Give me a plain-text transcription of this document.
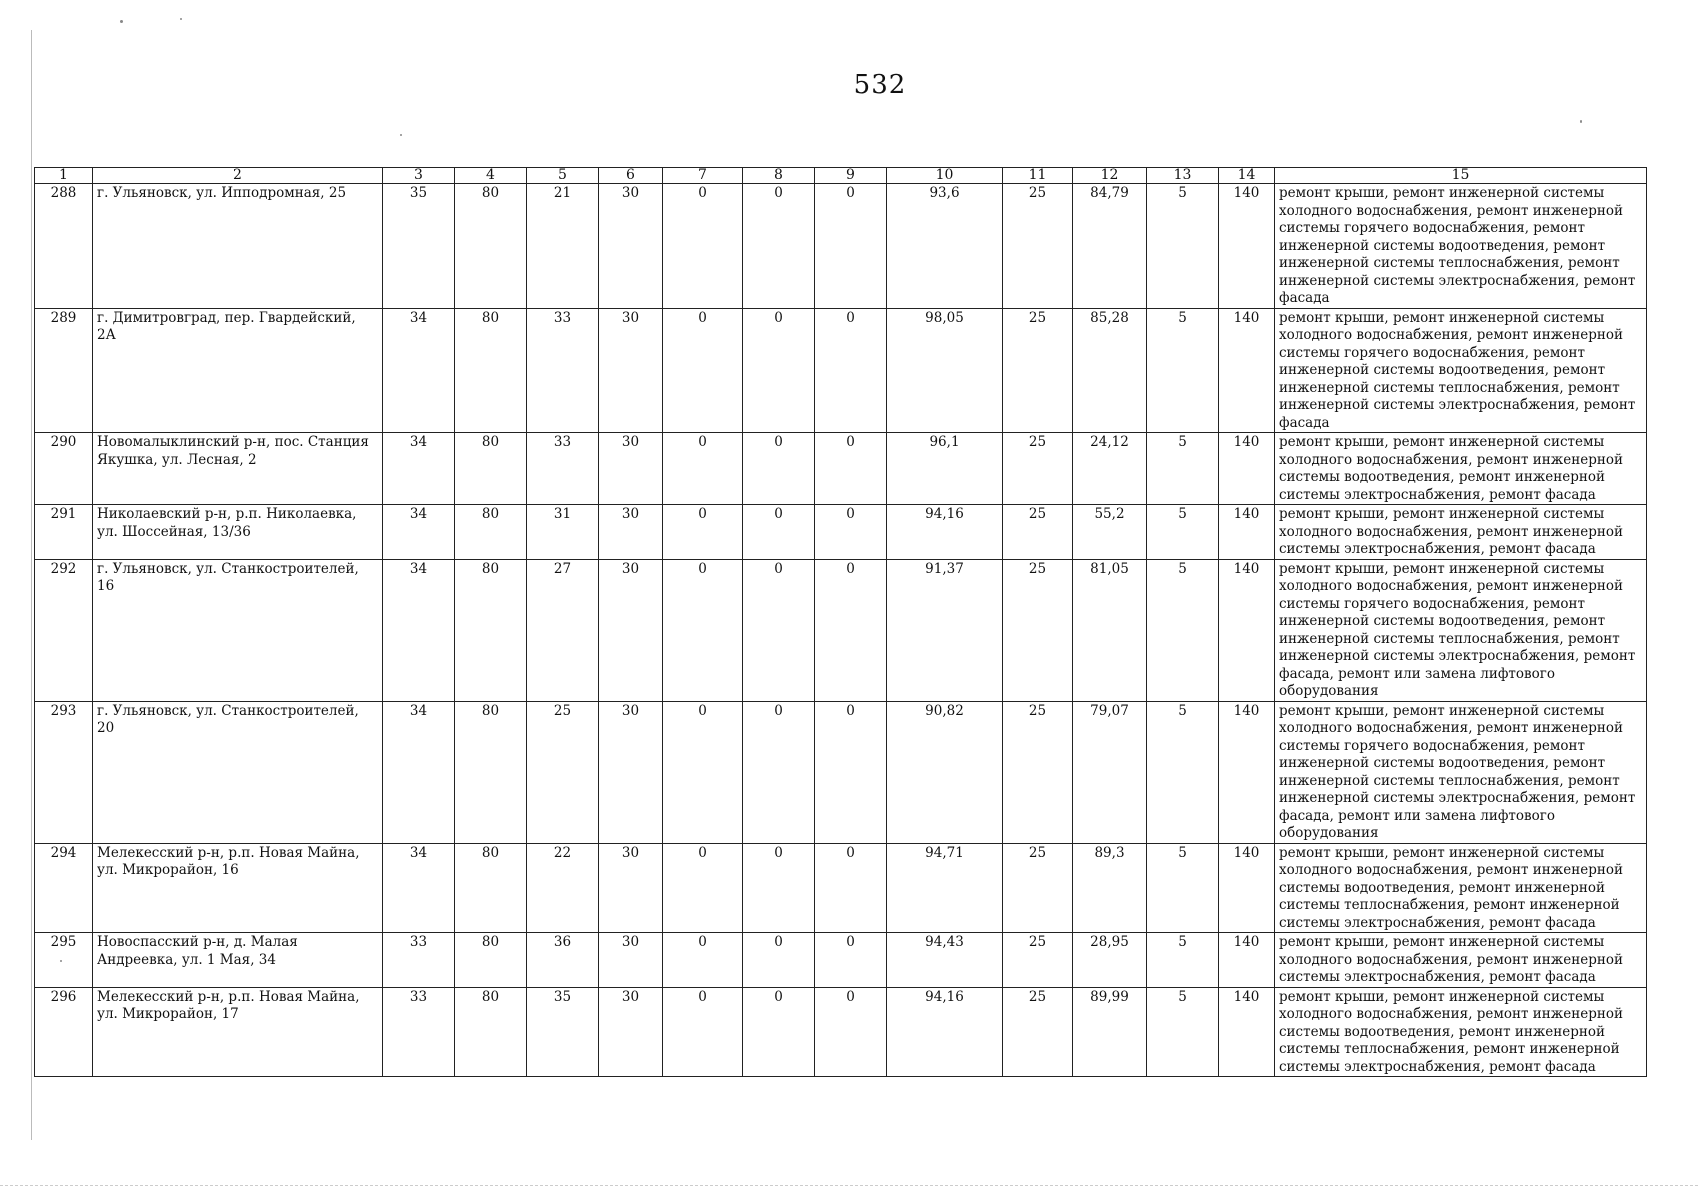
532
1	2	3	4	5	6	7	8	9	10	11	12	13	14	15
288	г. Ульяновск, ул. Ипподромная, 25	35	80	21	30	0	0	0	93,6	25	84,79	5	140	ремонт крыши, ремонт инженерной системы холодного водоснабжения, ремонт инженерной системы горячего водоснабжения, ремонт инженерной системы водоотведения, ремонт инженерной системы теплоснабжения, ремонт инженерной системы электроснабжения, ремонт фасада
289	г. Димитровград, пер. Гвардейский, 2А	34	80	33	30	0	0	0	98,05	25	85,28	5	140	ремонт крыши, ремонт инженерной системы холодного водоснабжения, ремонт инженерной системы горячего водоснабжения, ремонт инженерной системы водоотведения, ремонт инженерной системы теплоснабжения, ремонт инженерной системы электроснабжения, ремонт фасада
290	Новомалыклинский р-н, пос. Станция Якушка, ул. Лесная, 2	34	80	33	30	0	0	0	96,1	25	24,12	5	140	ремонт крыши, ремонт инженерной системы холодного водоснабжения, ремонт инженерной системы водоотведения, ремонт инженерной системы электроснабжения, ремонт фасада
291	Николаевский р-н, р.п. Николаевка, ул. Шоссейная, 13/36	34	80	31	30	0	0	0	94,16	25	55,2	5	140	ремонт крыши, ремонт инженерной системы холодного водоснабжения, ремонт инженерной системы электроснабжения, ремонт фасада
292	г. Ульяновск, ул. Станкостроителей, 16	34	80	27	30	0	0	0	91,37	25	81,05	5	140	ремонт крыши, ремонт инженерной системы холодного водоснабжения, ремонт инженерной системы горячего водоснабжения, ремонт инженерной системы водоотведения, ремонт инженерной системы теплоснабжения, ремонт инженерной системы электроснабжения, ремонт фасада, ремонт или замена лифтового оборудования
293	г. Ульяновск, ул. Станкостроителей, 20	34	80	25	30	0	0	0	90,82	25	79,07	5	140	ремонт крыши, ремонт инженерной системы холодного водоснабжения, ремонт инженерной системы горячего водоснабжения, ремонт инженерной системы водоотведения, ремонт инженерной системы теплоснабжения, ремонт инженерной системы электроснабжения, ремонт фасада, ремонт или замена лифтового оборудования
294	Мелекесский р-н, р.п. Новая Майна, ул. Микрорайон, 16	34	80	22	30	0	0	0	94,71	25	89,3	5	140	ремонт крыши, ремонт инженерной системы холодного водоснабжения, ремонт инженерной системы водоотведения, ремонт инженерной системы теплоснабжения, ремонт инженерной системы электроснабжения, ремонт фасада
295	Новоспасский р-н, д. Малая Андреевка, ул. 1 Мая, 34	33	80	36	30	0	0	0	94,43	25	28,95	5	140	ремонт крыши, ремонт инженерной системы холодного водоснабжения, ремонт инженерной системы электроснабжения, ремонт фасада
296	Мелекесский р-н, р.п. Новая Майна, ул. Микрорайон, 17	33	80	35	30	0	0	0	94,16	25	89,99	5	140	ремонт крыши, ремонт инженерной системы холодного водоснабжения, ремонт инженерной системы водоотведения, ремонт инженерной системы теплоснабжения, ремонт инженерной системы электроснабжения, ремонт фасада
